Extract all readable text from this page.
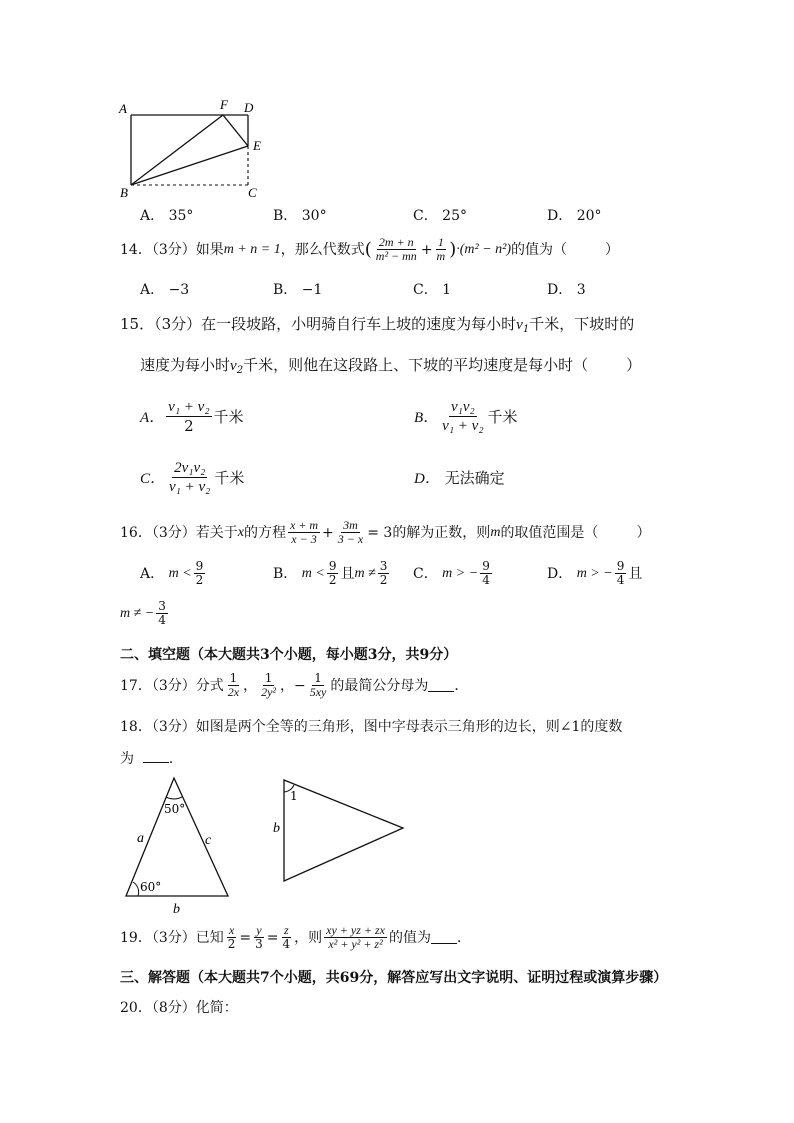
A	F D
E
B	C
A． 35°	B． 30°	C． 25°	D． 20°
14．（3分） 如果 m + n = 1 ，那么代数式 ( $\frac{2m + n}{\text{m² − mn}} + \frac{1}{m}$ ) ·(m² − n²) 的值为（	）
A． −3	B． −1	C． 1	D． 3
15．（3分）在一段坡路，小明骑自行车上坡的速度为每小时$v_1$千米，下坡时的
速度为每小时$v_2$千米，则他在这段路上、下坡的平均速度是每小时（	）
A． $\frac{\text{v₁ + v₂}}{2}$ 千米	B． $\frac{\text{v₁v₂}}{\text{v₁ + v₂}}$ 千米
C． $\frac{\text{2v₁v₂}}{\text{v₁ + v₂}}$ 千米	D． 无法确定
16．（3分）若关于 x 的方程 $\frac{x + m}{x - 3} + \frac{3m}{3 - x} = 3$ 的解为正数，则 m 的取值范围是（	）
A．
$m < \frac{9}{2}$	B．
$m < \frac{9}{2}$ 且 $m \ne \frac{3}{2}$ C．
m > − $\frac{9}{4}$	D．
m > − $\frac{9}{4}$ 且
m ≠ − $\frac{3}{4}$
二、填空题（本大题共3个小题，每小题3分，共9分）
17．（3分）分式 $\frac{1}{2x}$ ， $\frac{1}{\text{2y²}}$ ，− $\frac{1}{5xy}$ 的最简公分母为 ．
18．（3分）如图是两个全等的三角形，图中字母表示三角形的边长，则∠1的度数
为 ．
50°
60°
a	c
b
1
b
19．（3分）已知 $\frac{x}{2} = \frac{y}{3} = \frac{z}{4}$ ，则 $\frac{xy + yz + zx}{\text{x² + y² + z²}}$ 的值为 ．
三、解答题（本大题共7个小题，共69分，解答应写出文字说明、证明过程或演算步骤）
20．（8分）化简：
